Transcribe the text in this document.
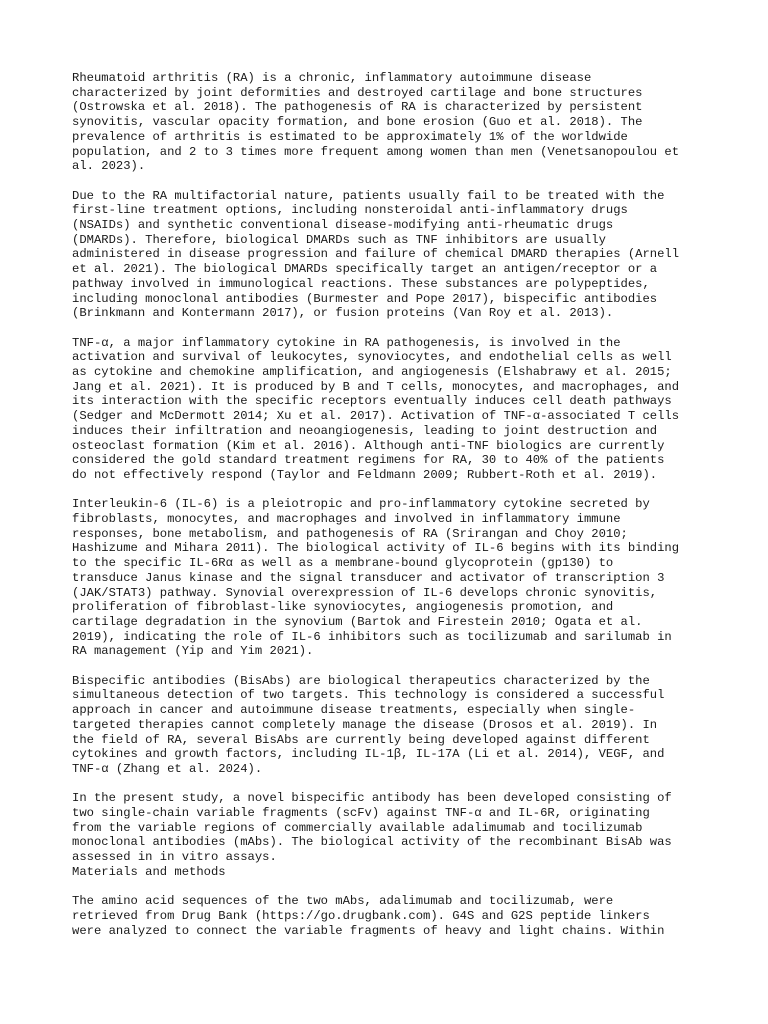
Rheumatoid arthritis (RA) is a chronic, inflammatory autoimmune disease
characterized by joint deformities and destroyed cartilage and bone structures
(Ostrowska et al. 2018). The pathogenesis of RA is characterized by persistent
synovitis, vascular opacity formation, and bone erosion (Guo et al. 2018). The
prevalence of arthritis is estimated to be approximately 1% of the worldwide
population, and 2 to 3 times more frequent among women than men (Venetsanopoulou et
al. 2023).

Due to the RA multifactorial nature, patients usually fail to be treated with the
first-line treatment options, including nonsteroidal anti-inflammatory drugs
(NSAIDs) and synthetic conventional disease-modifying anti-rheumatic drugs
(DMARDs). Therefore, biological DMARDs such as TNF inhibitors are usually
administered in disease progression and failure of chemical DMARD therapies (Arnell
et al. 2021). The biological DMARDs specifically target an antigen/receptor or a
pathway involved in immunological reactions. These substances are polypeptides,
including monoclonal antibodies (Burmester and Pope 2017), bispecific antibodies
(Brinkmann and Kontermann 2017), or fusion proteins (Van Roy et al. 2013).

TNF-α, a major inflammatory cytokine in RA pathogenesis, is involved in the
activation and survival of leukocytes, synoviocytes, and endothelial cells as well
as cytokine and chemokine amplification, and angiogenesis (Elshabrawy et al. 2015;
Jang et al. 2021). It is produced by B and T cells, monocytes, and macrophages, and
its interaction with the specific receptors eventually induces cell death pathways
(Sedger and McDermott 2014; Xu et al. 2017). Activation of TNF-α-associated T cells
induces their infiltration and neoangiogenesis, leading to joint destruction and
osteoclast formation (Kim et al. 2016). Although anti-TNF biologics are currently
considered the gold standard treatment regimens for RA, 30 to 40% of the patients
do not effectively respond (Taylor and Feldmann 2009; Rubbert-Roth et al. 2019).

Interleukin-6 (IL-6) is a pleiotropic and pro-inflammatory cytokine secreted by
fibroblasts, monocytes, and macrophages and involved in inflammatory immune
responses, bone metabolism, and pathogenesis of RA (Srirangan and Choy 2010;
Hashizume and Mihara 2011). The biological activity of IL-6 begins with its binding
to the specific IL-6Rα as well as a membrane-bound glycoprotein (gp130) to
transduce Janus kinase and the signal transducer and activator of transcription 3
(JAK/STAT3) pathway. Synovial overexpression of IL-6 develops chronic synovitis,
proliferation of fibroblast-like synoviocytes, angiogenesis promotion, and
cartilage degradation in the synovium (Bartok and Firestein 2010; Ogata et al.
2019), indicating the role of IL-6 inhibitors such as tocilizumab and sarilumab in
RA management (Yip and Yim 2021).

Bispecific antibodies (BisAbs) are biological therapeutics characterized by the
simultaneous detection of two targets. This technology is considered a successful
approach in cancer and autoimmune disease treatments, especially when single-
targeted therapies cannot completely manage the disease (Drosos et al. 2019). In
the field of RA, several BisAbs are currently being developed against different
cytokines and growth factors, including IL-1β, IL-17A (Li et al. 2014), VEGF, and
TNF-α (Zhang et al. 2024).

In the present study, a novel bispecific antibody has been developed consisting of
two single-chain variable fragments (scFv) against TNF-α and IL-6R, originating
from the variable regions of commercially available adalimumab and tocilizumab
monoclonal antibodies (mAbs). The biological activity of the recombinant BisAb was
assessed in in vitro assays.

Materials and methods

The amino acid sequences of the two mAbs, adalimumab and tocilizumab, were
retrieved from Drug Bank (https://go.drugbank.com). G4S and G2S peptide linkers
were analyzed to connect the variable fragments of heavy and light chains. Within
